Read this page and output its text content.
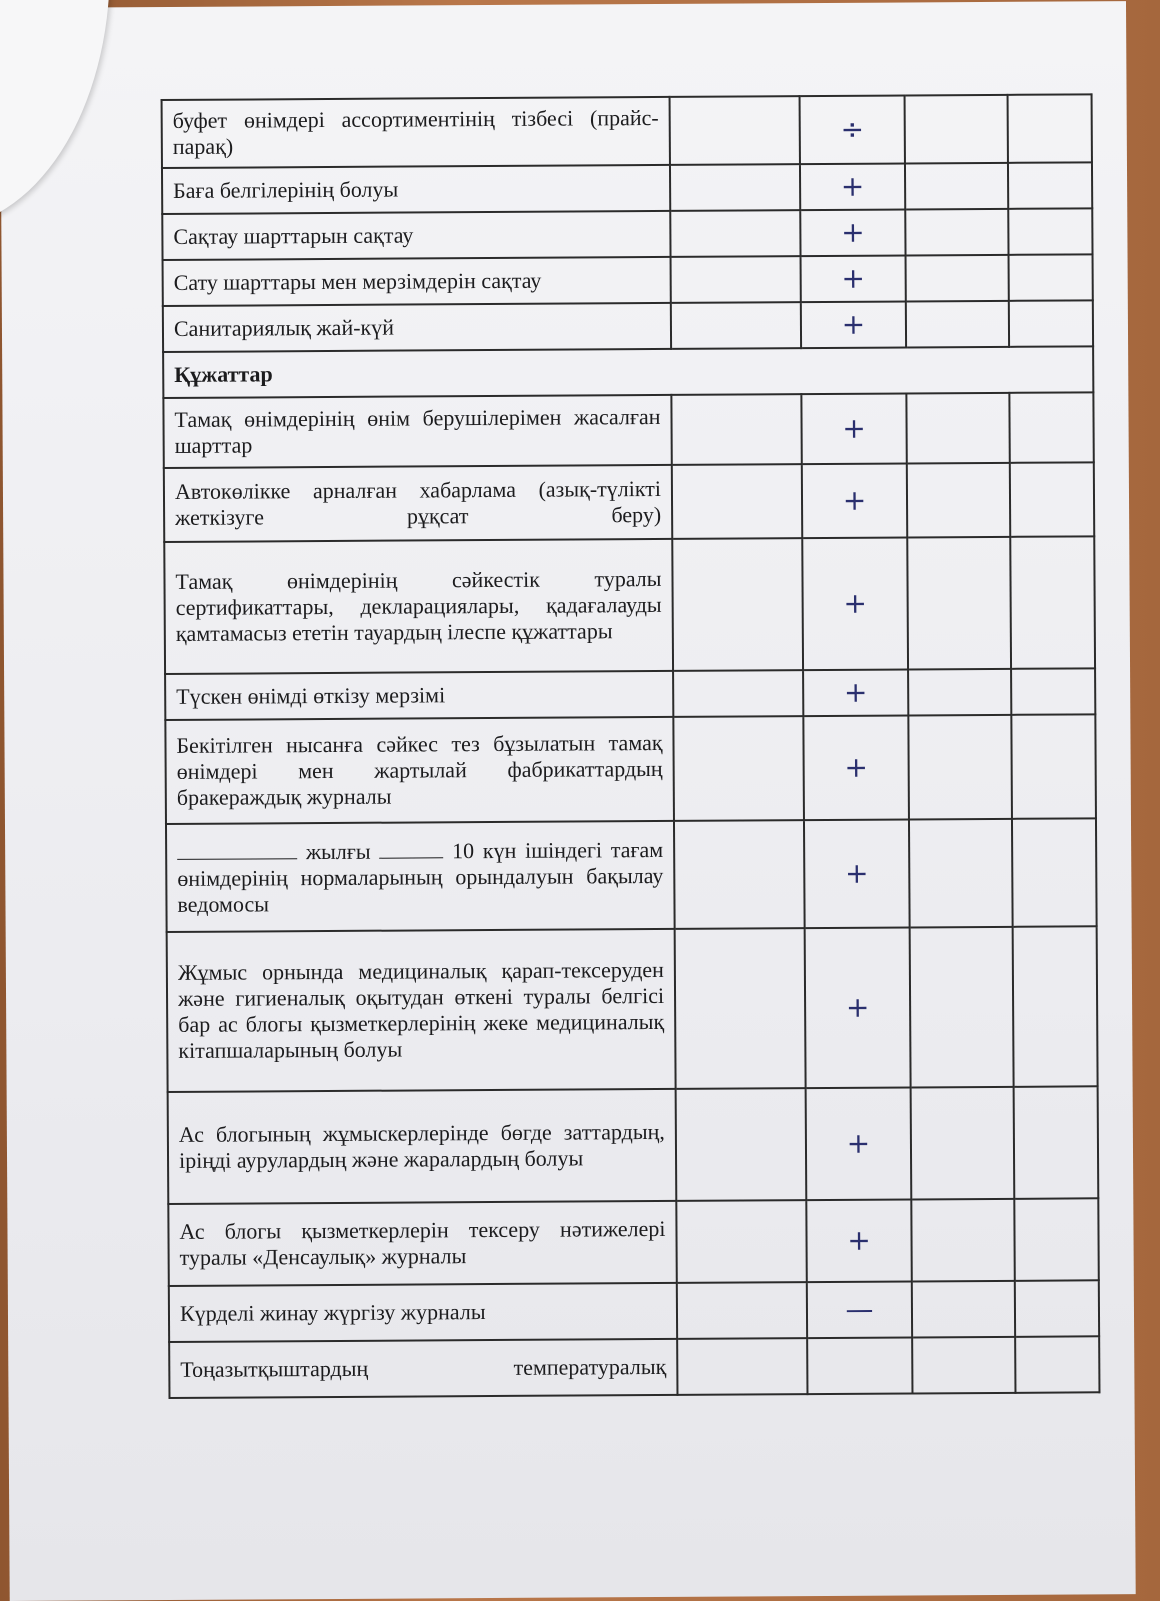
буфет өнімдері ассортиментінің тізбесі (прайс-парақ)		÷		
Баға белгілерінің болуы		+		
Сақтау шарттарын сақтау		+		
Сату шарттары мен мерзімдерін сақтау		+		
Санитариялық жай-күй		+		
Құжаттар				
Тамақ өнімдерінің өнім берушілерімен жасалған шарттар		+		
Автокөлікке арналған хабарлама (азық-түлікті жеткізуге рұқсат беру)		+		
Тамақ өнімдерінің сәйкестік туралы сертификаттары, декларациялары, қадағалауды қамтамасыз ететін тауардың ілеспе құжаттары		+		
Түскен өнімді өткізу мерзімі		+		
Бекітілген нысанға сәйкес тез бұзылатын тамақ өнімдері мен жартылай фабрикаттардың бракераждық журналы		+		
жылғы 10 күн ішіндегі тағам өнімдерінің нормаларының орындалуын бақылау ведомосы		+		
Жұмыс орнында медициналық қарап-тексеруден және гигиеналық оқытудан өткені туралы белгісі бар ас блогы қызметкерлерінің жеке медициналық кітапшаларының болуы		+		
Ас блогының жұмыскерлерінде бөгде заттардың, іріңді аурулардың және жаралардың болуы		+		
Ас блогы қызметкерлерін тексеру нәтижелері туралы «Денсаулық» журналы		+		
Күрделі жинау жүргізу журналы		—		
Тоңазытқыштардың температуралық				
